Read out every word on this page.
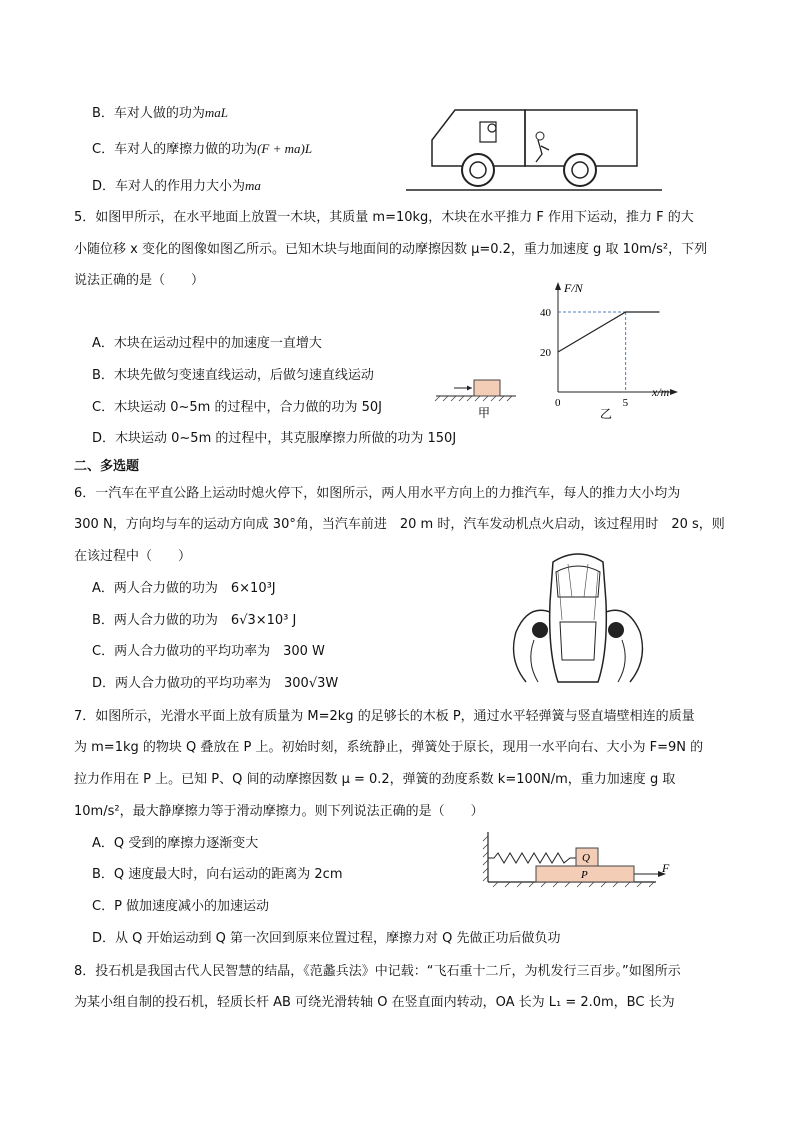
B．车对人做的功为maL
C．车对人的摩擦力做的功为(F + ma)L
D．车对人的作用力大小为ma
5．如图甲所示，在水平地面上放置一木块，其质量 m=10kg，木块在水平推力 F 作用下运动，推力 F 的大
小随位移 x 变化的图像如图乙所示。已知木块与地面间的动摩擦因数 μ=0.2，重力加速度 g 取 10m/s²，下列
说法正确的是（　　）
A．木块在运动过程中的加速度一直增大
B．木块先做匀变速直线运动，后做匀速直线运动
C．木块运动 0~5m 的过程中，合力做的功为 50J
D．木块运动 0~5m 的过程中，其克服摩擦力所做的功为 150J
甲
F/N
x/m
20
40
0	5
乙
二、多选题
6．一汽车在平直公路上运动时熄火停下，如图所示，两人用水平方向上的力推汽车，每人的推力大小均为
300 N，方向均与车的运动方向成 30°角，当汽车前进　20 m 时，汽车发动机点火启动，该过程用时　20 s，则
在该过程中（　　）
A．两人合力做的功为　6×10³J
B．两人合力做的功为　6√3×10³ J
C．两人合力做功的平均功率为　300 W
D．两人合力做功的平均功率为　300√3W
7．如图所示，光滑水平面上放有质量为 M=2kg 的足够长的木板 P，通过水平轻弹簧与竖直墙壁相连的质量
为 m=1kg 的物块 Q 叠放在 P 上。初始时刻，系统静止，弹簧处于原长，现用一水平向右、大小为 F=9N 的
拉力作用在 P 上。已知 P、Q 间的动摩擦因数 μ = 0.2，弹簧的劲度系数 k=100N/m，重力加速度 g 取
10m/s²，最大静摩擦力等于滑动摩擦力。则下列说法正确的是（　　）
A．Q 受到的摩擦力逐渐变大
B．Q 速度最大时，向右运动的距离为 2cm
C．P 做加速度减小的加速运动
D．从 Q 开始运动到 Q 第一次回到原来位置过程，摩擦力对 Q 先做正功后做负功
Q
P	F
8．投石机是我国古代人民智慧的结晶，《范蠡兵法》中记载：“飞石重十二斤，为机发行三百步。”如图所示
为某小组自制的投石机，轻质长杆 AB 可绕光滑转轴 O 在竖直面内转动，OA 长为 L₁ = 2.0m，BC 长为
